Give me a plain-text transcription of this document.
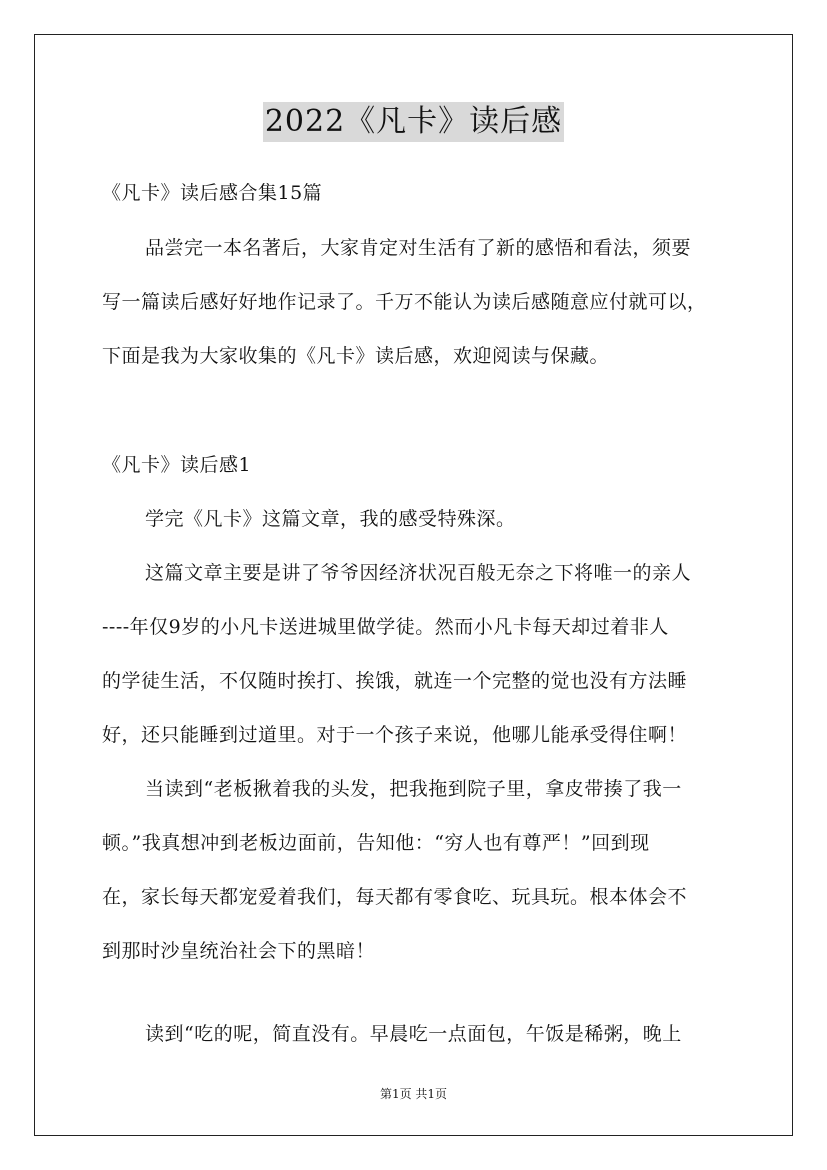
2022《凡卡》读后感
《凡卡》读后感合集15篇
品尝完一本名著后，大家肯定对生活有了新的感悟和看法，须要
写一篇读后感好好地作记录了。千万不能认为读后感随意应付就可以，
下面是我为大家收集的《凡卡》读后感，欢迎阅读与保藏。
《凡卡》读后感1
学完《凡卡》这篇文章，我的感受特殊深。
这篇文章主要是讲了爷爷因经济状况百般无奈之下将唯一的亲人
----年仅9岁的小凡卡送进城里做学徒。然而小凡卡每天却过着非人
的学徒生活，不仅随时挨打、挨饿，就连一个完整的觉也没有方法睡
好，还只能睡到过道里。对于一个孩子来说，他哪儿能承受得住啊！
当读到“老板揪着我的头发，把我拖到院子里，拿皮带揍了我一
顿。”我真想冲到老板边面前，告知他：“穷人也有尊严！”回到现
在，家长每天都宠爱着我们，每天都有零食吃、玩具玩。根本体会不
到那时沙皇统治社会下的黑暗！
读到“吃的呢，简直没有。早晨吃一点面包，午饭是稀粥，晚上
第1页 共1页
